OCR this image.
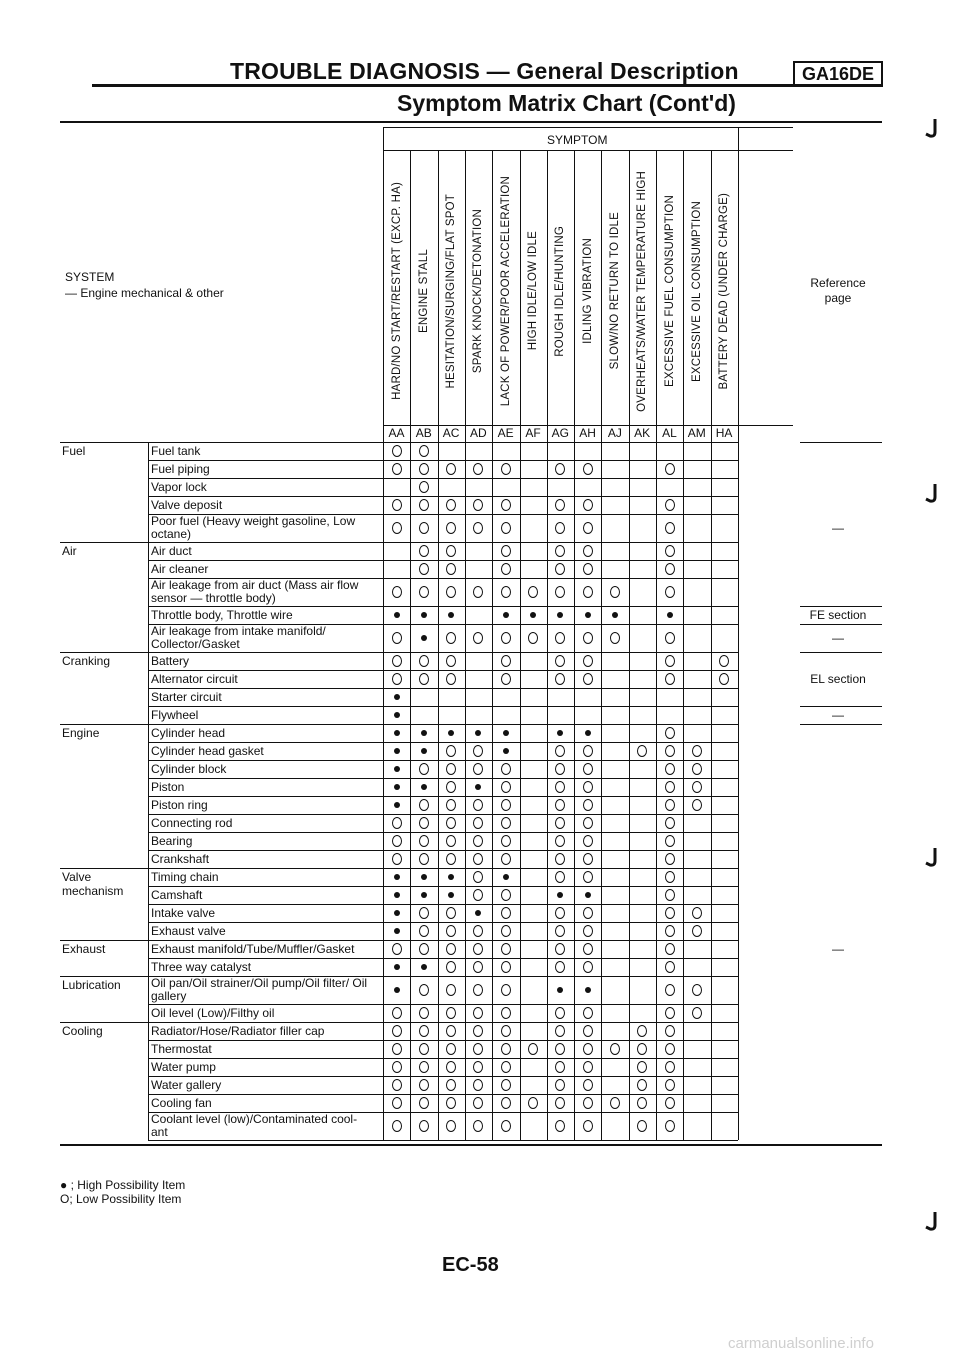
TROUBLE DIAGNOSIS — General Description	GA16DE
Symptom Matrix Chart (Cont'd)
SYSTEM
— Engine mechanical & other
SYMPTOM
Reference page
HARD/NO START/RESTART (EXCP. HA)
AA
ENGINE STALL
AB
HESITATION/SURGING/FLAT SPOT
AC
SPARK KNOCK/DETONATION
AD
LACK OF POWER/POOR ACCELERATION
AE
HIGH IDLE/LOW IDLE
AF
ROUGH IDLE/HUNTING
AG
IDLING VIBRATION
AH
SLOW/NO RETURN TO IDLE
AJ
OVERHEATS/WATER TEMPERATURE HIGH
AK
EXCESSIVE FUEL CONSUMPTION
AL
EXCESSIVE OIL CONSUMPTION
AM
BATTERY DEAD (UNDER CHARGE)
HA
Fuel
Air
Cranking
Engine
Valve mechanism
Exhaust
Lubrication
Cooling
Fuel tank
Fuel piping
Vapor lock
Valve deposit
Poor fuel (Heavy weight gasoline, Low octane)
Air duct
Air cleaner
Air leakage from air duct (Mass air flow sensor — throttle body)
Throttle body, Throttle wire
Air leakage from intake manifold/ Collector/Gasket
Battery
Alternator circuit
Starter circuit
Flywheel
Cylinder head
Cylinder head gasket
Cylinder block
Piston
Piston ring
Connecting rod
Bearing
Crankshaft
Timing chain
Camshaft
Intake valve
Exhaust valve
Exhaust manifold/Tube/Muffler/Gasket
Three way catalyst
Oil pan/Oil strainer/Oil pump/Oil filter/ Oil gallery
Oil level (Low)/Filthy oil
Radiator/Hose/Radiator filler cap
Thermostat
Water pump
Water gallery
Cooling fan
Coolant level (low)/Contaminated cool- ant
—
FE section
—
EL section
—
—
● ; High Possibility Item
O; Low Possibility Item
EC-58
carmanualsonline.info
